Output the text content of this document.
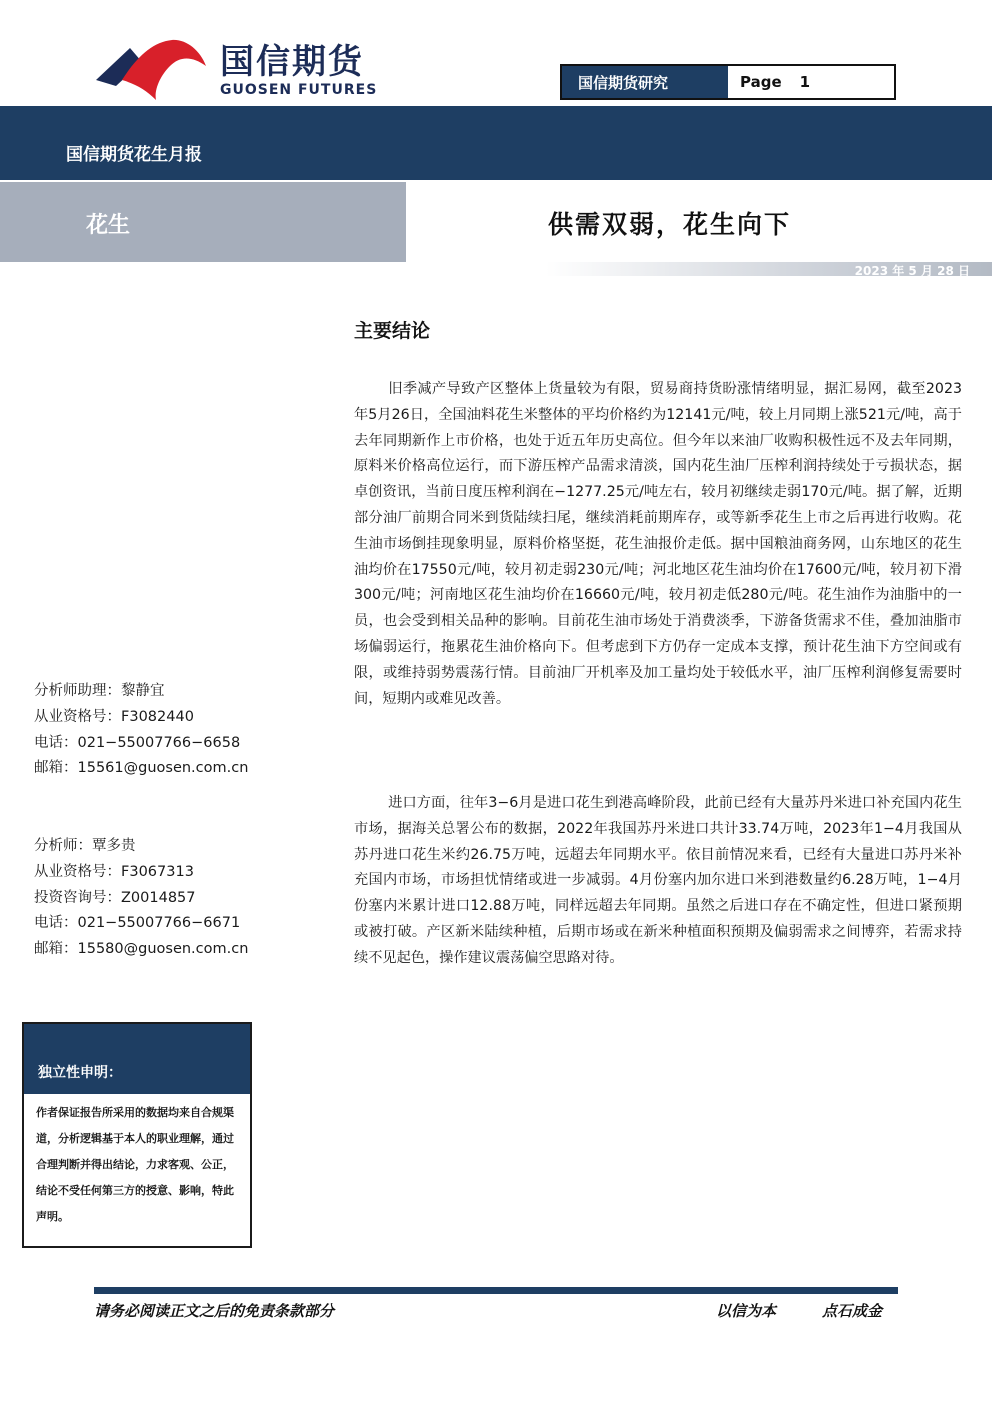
国信期货
GUOSEN FUTURES	国信期货研究	Page 1
国信期货花生月报
花生	供需双弱，花生向下
2023 年 5 月 28 日
主要结论
旧季减产导致产区整体上货量较为有限，贸易商持货盼涨情绪明显，据汇易网，截至2023年5月26日，全国油料花生米整体的平均价格约为12141元/吨，较上月同期上涨521元/吨，高于去年同期新作上市价格，也处于近五年历史高位。但今年以来油厂收购积极性远不及去年同期，原料米价格高位运行，而下游压榨产品需求清淡，国内花生油厂压榨利润持续处于亏损状态，据卓创资讯，当前日度压榨利润在−1277.25元/吨左右，较月初继续走弱170元/吨。据了解，近期部分油厂前期合同米到货陆续扫尾，继续消耗前期库存，或等新季花生上市之后再进行收购。花生油市场倒挂现象明显，原料价格坚挺，花生油报价走低。据中国粮油商务网，山东地区的花生油均价在17550元/吨，较月初走弱230元/吨；河北地区花生油均价在17600元/吨，较月初下滑300元/吨；河南地区花生油均价在16660元/吨，较月初走低280元/吨。花生油作为油脂中的一员，也会受到相关品种的影响。目前花生油市场处于消费淡季，下游备货需求不佳，叠加油脂市场偏弱运行，拖累花生油价格向下。但考虑到下方仍存一定成本支撑，预计花生油下方空间或有限，或维持弱势震荡行情。目前油厂开机率及加工量均处于较低水平，油厂压榨利润修复需要时间，短期内或难见改善。
进口方面，往年3−6月是进口花生到港高峰阶段，此前已经有大量苏丹米进口补充国内花生市场，据海关总署公布的数据，2022年我国苏丹米进口共计33.74万吨，2023年1−4月我国从苏丹进口花生米约26.75万吨，远超去年同期水平。依目前情况来看，已经有大量进口苏丹米补充国内市场，市场担忧情绪或进一步减弱。4月份塞内加尔进口米到港数量约6.28万吨，1−4月份塞内米累计进口12.88万吨，同样远超去年同期。虽然之后进口存在不确定性，但进口紧预期或被打破。产区新米陆续种植，后期市场或在新米种植面积预期及偏弱需求之间博弈，若需求持续不见起色，操作建议震荡偏空思路对待。
分析师助理：黎静宜
从业资格号：F3082440
电话：021−55007766−6658
邮箱：15561@guosen.com.cn
分析师：覃多贵
从业资格号：F3067313
投资咨询号：Z0014857
电话：021−55007766−6671
邮箱：15580@guosen.com.cn
独立性申明：
作者保证报告所采用的数据均来自合规渠道，分析逻辑基于本人的职业理解，通过合理判断并得出结论，力求客观、公正，结论不受任何第三方的授意、影响，特此声明。
请务必阅读正文之后的免责条款部分	以信为本	点石成金
